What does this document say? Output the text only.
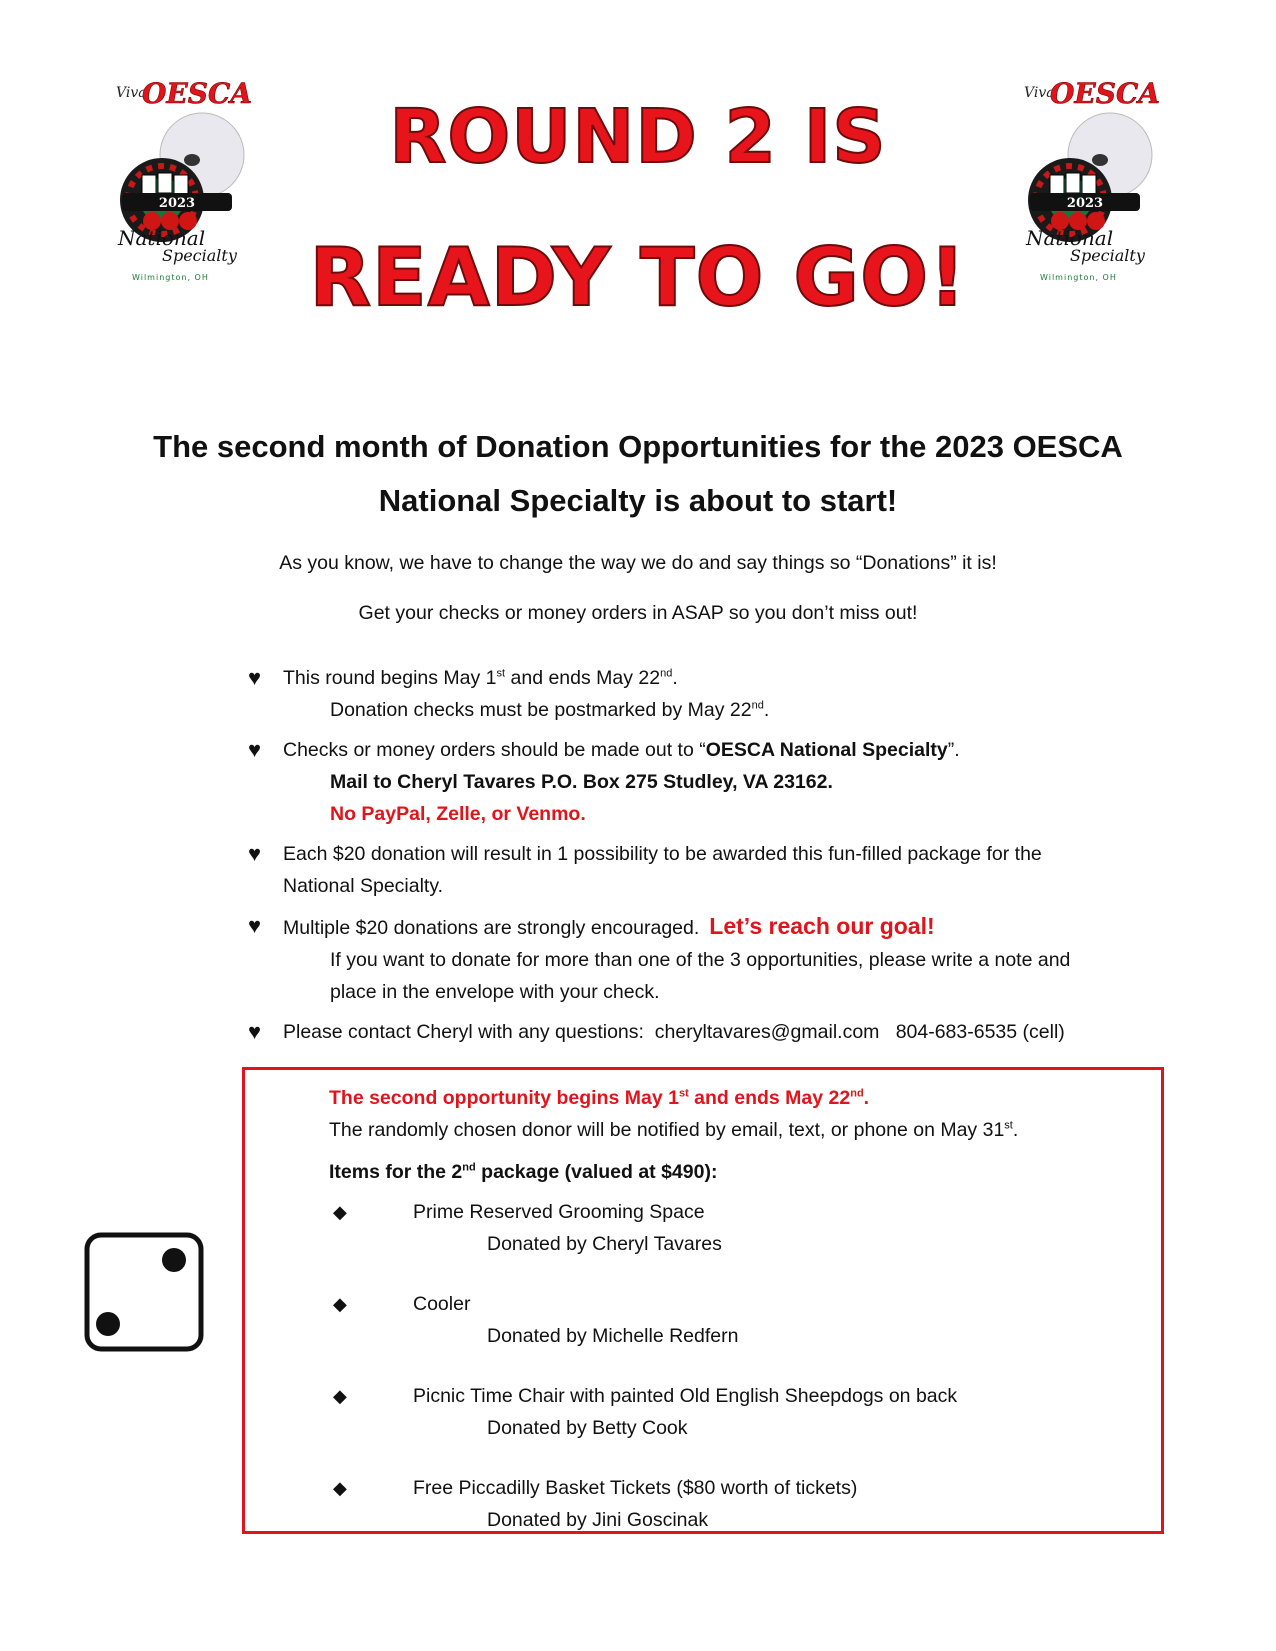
Viva
OESCA
2023
National
Specialty
Wilmington, OH
Viva
OESCA
2023
National
Specialty
Wilmington, OH
ROUND 2 IS
READY TO GO!
The second month of Donation Opportunities for the 2023 OESCA
National Specialty is about to start!
As you know, we have to change the way we do and say things so “Donations” it is!
Get your checks or money orders in ASAP so you don’t miss out!
♥ This round begins May 1st and ends May 22nd.
Donation checks must be postmarked by May 22nd.
♥ Checks or money orders should be made out to “OESCA National Specialty”.
Mail to Cheryl Tavares P.O. Box 275 Studley, VA 23162.
No PayPal, Zelle, or Venmo.
♥ Each $20 donation will result in 1 possibility to be awarded this fun-filled package for the
National Specialty.
♥ Multiple $20 donations are strongly encouraged. Let’s reach our goal!
If you want to donate for more than one of the 3 opportunities, please write a note and
place in the envelope with your check.
♥ Please contact Cheryl with any questions: cheryltavares@gmail.com 804-683-6535 (cell)
The second opportunity begins May 1st and ends May 22nd.
The randomly chosen donor will be notified by email, text, or phone on May 31st.
Items for the 2nd package (valued at $490):
◆	Prime Reserved Grooming Space
Donated by Cheryl Tavares
◆	Cooler
Donated by Michelle Redfern
◆	Picnic Time Chair with painted Old English Sheepdogs on back
Donated by Betty Cook
◆	Free Piccadilly Basket Tickets ($80 worth of tickets)
Donated by Jini Goscinak
